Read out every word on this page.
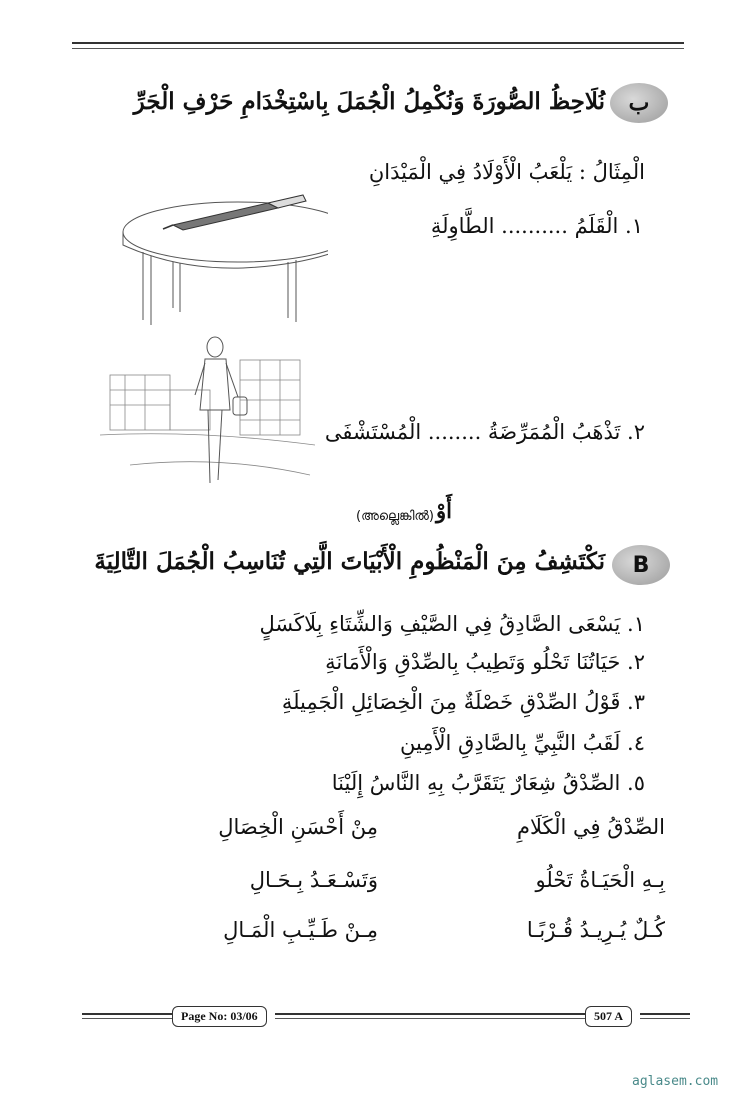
ب
نُلَاحِظُ الصُّورَةَ وَنُكْمِلُ الْجُمَلَ بِاسْتِخْدَامِ حَرْفِ الْجَرِّ
الْمِثَالُ : يَلْعَبُ الْأَوْلَادُ فِي الْمَيْدَانِ
١. الْقَلَمُ .......... الطَّاوِلَةِ
٢. تَذْهَبُ الْمُمَرِّضَةُ ........ الْمُسْتَشْفَى
أَوْ
(അല്ലെങ്കിൽ)
B
نَكْتَشِفُ مِنَ الْمَنْظُومِ الْأَبْيَاتَ الَّتِي تُنَاسِبُ الْجُمَلَ التَّالِيَةَ
١. يَسْعَى الصَّادِقُ فِي الصَّيْفِ وَالشِّتَاءِ بِلَاكَسَلٍ
٢. حَيَاتُنَا تَحْلُو وَتَطِيبُ بِالصِّدْقِ وَالْأَمَانَةِ
٣. قَوْلُ الصِّدْقِ خَصْلَةٌ مِنَ الْخِصَائِلِ الْجَمِيلَةِ
٤. لَقَبُ النَّبِيِّ بِالصَّادِقِ الْأَمِينِ
٥. الصِّدْقُ شِعَارٌ يَتَقَرَّبُ بِهِ النَّاسُ إِلَيْنَا
الصِّدْقُ فِي الْكَلَامِ
مِنْ أَحْسَنِ الْخِصَالِ
بِـهِ الْحَيَـاةُ تَحْلُو
وَتَسْـعَـدُ بِـحَـالِ
كُـلٌ يُـرِيـدُ قُـرْبًـا
مِـنْ طَـيِّـبِ الْمَـالِ
Page No: 03/06	507 A
aglasem.com
